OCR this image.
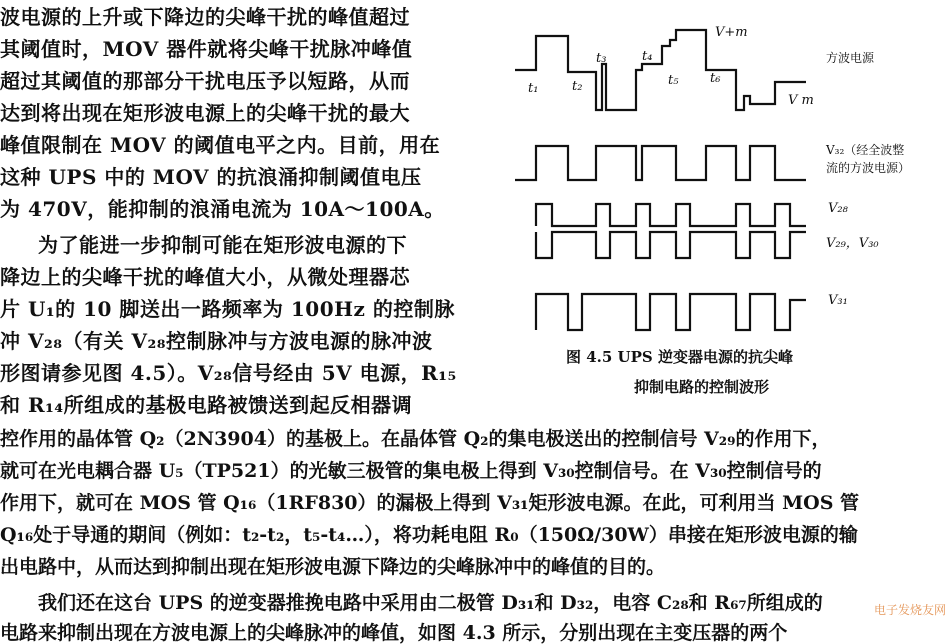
波电源的上升或下降边的尖峰干扰的峰值超过
其阈值时，MOV 器件就将尖峰干扰脉冲峰值
超过其阈值的那部分干扰电压予以短路，从而
达到将出现在矩形波电源上的尖峰干扰的最大
峰值限制在 MOV 的阈值电平之内。目前，用在
这种 UPS 中的 MOV 的抗浪涌抑制阈值电压
为 470V，能抑制的浪涌电流为 10A～100A。
为了能进一步抑制可能在矩形波电源的下
降边上的尖峰干扰的峰值大小，从微处理器芯
片 U₁的 10 脚送出一路频率为 100Hz 的控制脉
冲 V₂₈（有关 V₂₈控制脉冲与方波电源的脉冲波
形图请参见图 4.5）。V₂₈信号经由 5V 电源，R₁₅
和 R₁₄所组成的基极电路被馈送到起反相器调
控作用的晶体管 Q₂（2N3904）的基极上。在晶体管 Q₂的集电极送出的控制信号 V₂₉的作用下，
就可在光电耦合器 U₅（TP521）的光敏三极管的集电极上得到 V₃₀控制信号。在 V₃₀控制信号的
作用下，就可在 MOS 管 Q₁₆（1RF830）的漏极上得到 V₃₁矩形波电源。在此，可利用当 MOS 管
Q₁₆处于导通的期间（例如：t₂-t₂，t₅-t₄…），将功耗电阻 R₀（150Ω/30W）串接在矩形波电源的输
出电路中，从而达到抑制出现在矩形波电源下降边的尖峰脉冲中的峰值的目的。
我们还在这台 UPS 的逆变器推挽电路中采用由二极管 D₃₁和 D₃₂，电容 C₂₈和 R₆₇所组成的
电路来抑制出现在方波电源上的尖峰脉冲的峰值，如图 4.3 所示，分别出现在主变压器的两个
V+m
V m
方波电源
t₁	t₂
t₃	t₄
t₅ t₆
V₃₂（经全波整
流的方波电源）
V₂₈
V₂₉，V₃₀
V₃₁
图 4.5 UPS 逆变器电源的抗尖峰
抑制电路的控制波形
电子发烧友网
